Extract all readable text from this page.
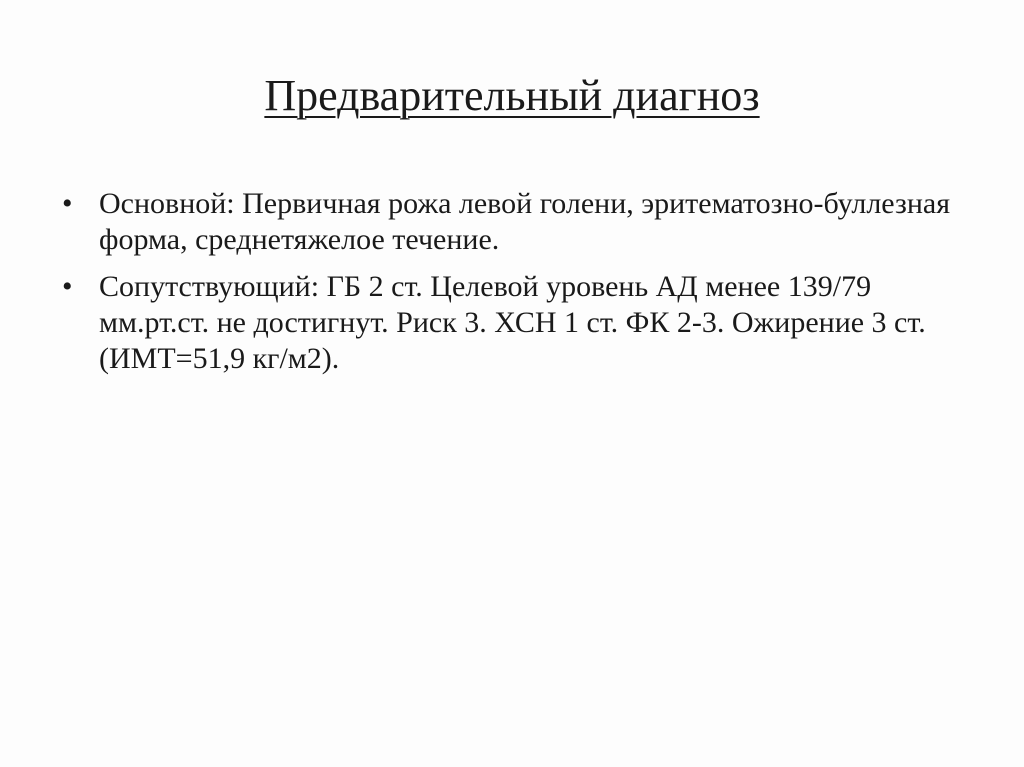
Предварительный диагноз
• Основной: Первичная рожа левой голени, эритематозно-буллезная форма, среднетяжелое течение.
• Сопутствующий: ГБ 2 ст. Целевой уровень АД менее 139/79 мм.рт.ст. не достигнут. Риск 3. ХСН 1 ст. ФК 2-3. Ожирение 3 ст. (ИМТ=51,9 кг/м2).
